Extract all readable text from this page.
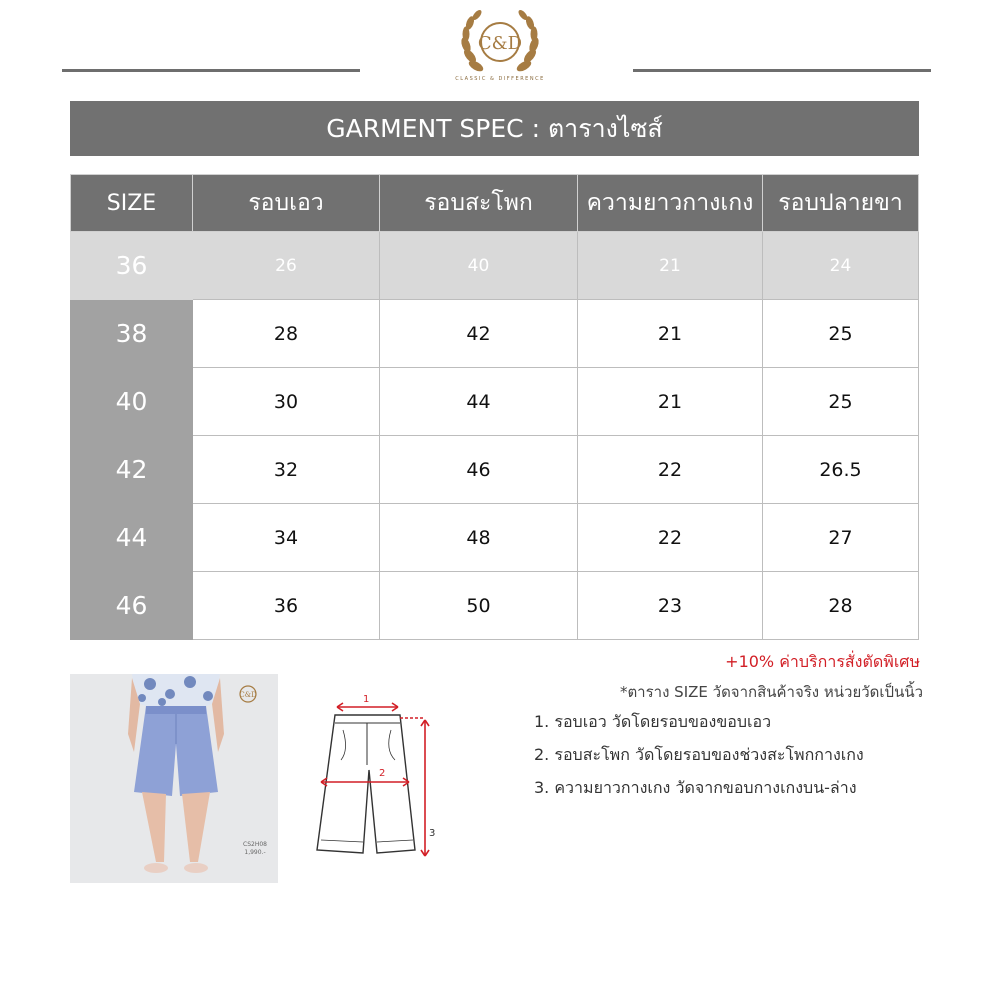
C&D
CLASSIC & DIFFERENCE
GARMENT SPEC : ตารางไซส์
SIZE	รอบเอว	รอบสะโพก	ความยาวกางเกง	รอบปลายขา
36	26	40	21	24
38	28	42	21	25
40	30	44	21	25
42	32	46	22	26.5
44	34	48	22	27
46	36	50	23	28
C&D
CS2H08
1,990.-
1
2
3
+10% ค่าบริการสั่งตัดพิเศษ
*ตาราง SIZE วัดจากสินค้าจริง หน่วยวัดเป็นนิ้ว
1. รอบเอว วัดโดยรอบของขอบเอว
2. รอบสะโพก วัดโดยรอบของช่วงสะโพกกางเกง
3. ความยาวกางเกง วัดจากขอบกางเกงบน-ล่าง
